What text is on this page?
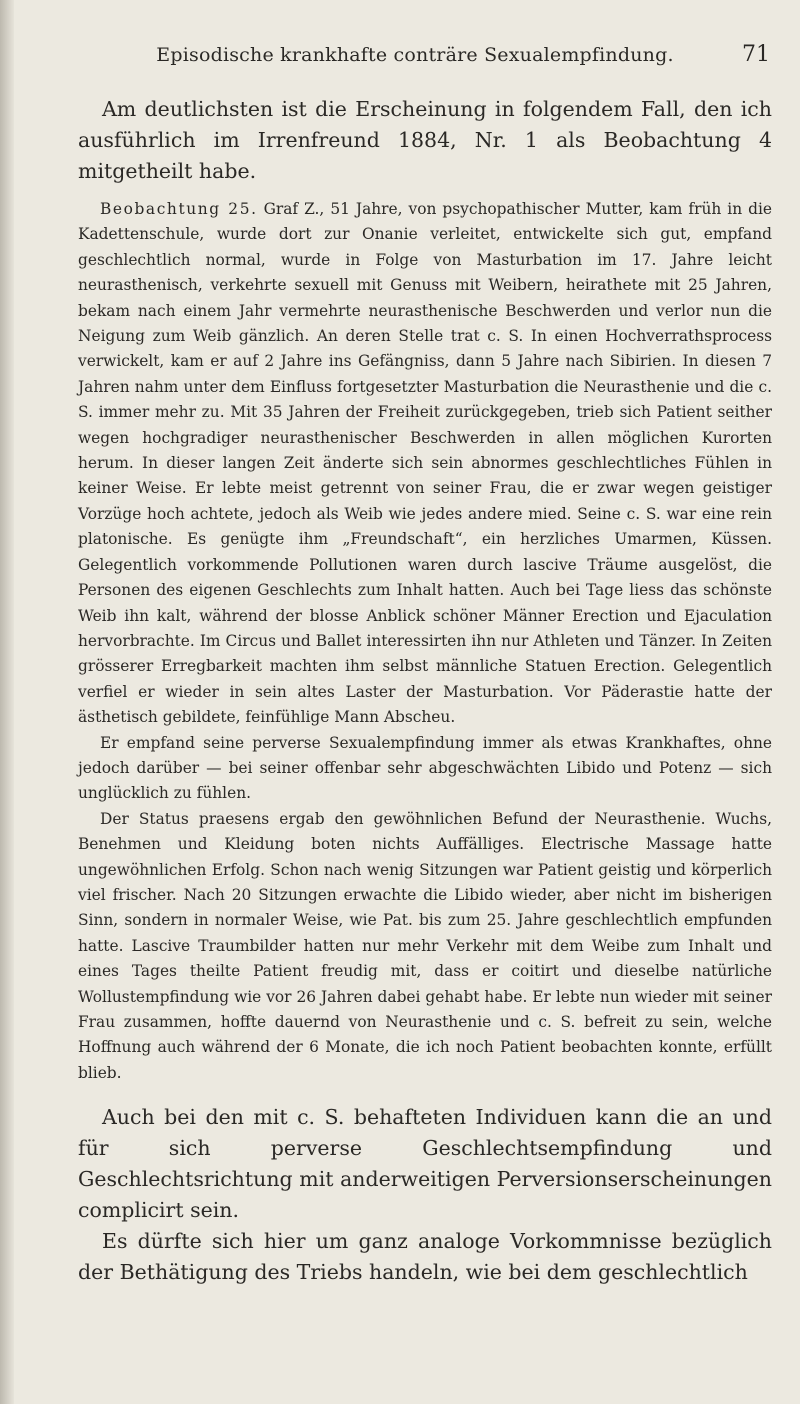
Episodische krankhafte conträre Sexualempfindung.	71

Am deutlichsten ist die Erscheinung in folgendem Fall, den ich ausführlich im Irrenfreund 1884, Nr. 1 als Beobachtung 4 mitgetheilt habe.

Beobachtung 25. Graf Z., 51 Jahre, von psychopathischer Mutter, kam früh in die Kadettenschule, wurde dort zur Onanie verleitet, entwickelte sich gut, empfand geschlechtlich normal, wurde in Folge von Masturbation im 17. Jahre leicht neurasthenisch, verkehrte sexuell mit Genuss mit Weibern, heirathete mit 25 Jahren, bekam nach einem Jahr vermehrte neurasthenische Beschwerden und verlor nun die Neigung zum Weib gänzlich. An deren Stelle trat c. S. In einen Hochverrathsprocess verwickelt, kam er auf 2 Jahre ins Gefängniss, dann 5 Jahre nach Sibirien. In diesen 7 Jahren nahm unter dem Einfluss fortgesetzter Masturbation die Neurasthenie und die c. S. immer mehr zu. Mit 35 Jahren der Freiheit zurückgegeben, trieb sich Patient seither wegen hochgradiger neurasthenischer Beschwerden in allen möglichen Kurorten herum. In dieser langen Zeit änderte sich sein abnormes geschlechtliches Fühlen in keiner Weise. Er lebte meist getrennt von seiner Frau, die er zwar wegen geistiger Vorzüge hoch achtete, jedoch als Weib wie jedes andere mied. Seine c. S. war eine rein platonische. Es genügte ihm „Freundschaft“, ein herzliches Umarmen, Küssen. Gelegentlich vorkommende Pollutionen waren durch lascive Träume ausgelöst, die Personen des eigenen Geschlechts zum Inhalt hatten. Auch bei Tage liess das schönste Weib ihn kalt, während der blosse Anblick schöner Männer Erection und Ejaculation hervorbrachte. Im Circus und Ballet interessirten ihn nur Athleten und Tänzer. In Zeiten grösserer Erregbarkeit machten ihm selbst männliche Statuen Erection. Gelegentlich verfiel er wieder in sein altes Laster der Masturbation. Vor Päderastie hatte der ästhetisch gebildete, feinfühlige Mann Abscheu.

Er empfand seine perverse Sexualempfindung immer als etwas Krankhaftes, ohne jedoch darüber — bei seiner offenbar sehr abgeschwächten Libido und Potenz — sich unglücklich zu fühlen.

Der Status praesens ergab den gewöhnlichen Befund der Neurasthenie. Wuchs, Benehmen und Kleidung boten nichts Auffälliges. Electrische Massage hatte ungewöhnlichen Erfolg. Schon nach wenig Sitzungen war Patient geistig und körperlich viel frischer. Nach 20 Sitzungen erwachte die Libido wieder, aber nicht im bisherigen Sinn, sondern in normaler Weise, wie Pat. bis zum 25. Jahre geschlechtlich empfunden hatte. Lascive Traumbilder hatten nur mehr Verkehr mit dem Weibe zum Inhalt und eines Tages theilte Patient freudig mit, dass er coitirt und dieselbe natürliche Wollustempfindung wie vor 26 Jahren dabei gehabt habe. Er lebte nun wieder mit seiner Frau zusammen, hoffte dauernd von Neurasthenie und c. S. befreit zu sein, welche Hoffnung auch während der 6 Monate, die ich noch Patient beobachten konnte, erfüllt blieb.

Auch bei den mit c. S. behafteten Individuen kann die an und für sich perverse Geschlechtsempfindung und Geschlechtsrichtung mit anderweitigen Perversionserscheinungen complicirt sein.

Es dürfte sich hier um ganz analoge Vorkommnisse bezüglich der Bethätigung des Triebs handeln, wie bei dem geschlechtlich
